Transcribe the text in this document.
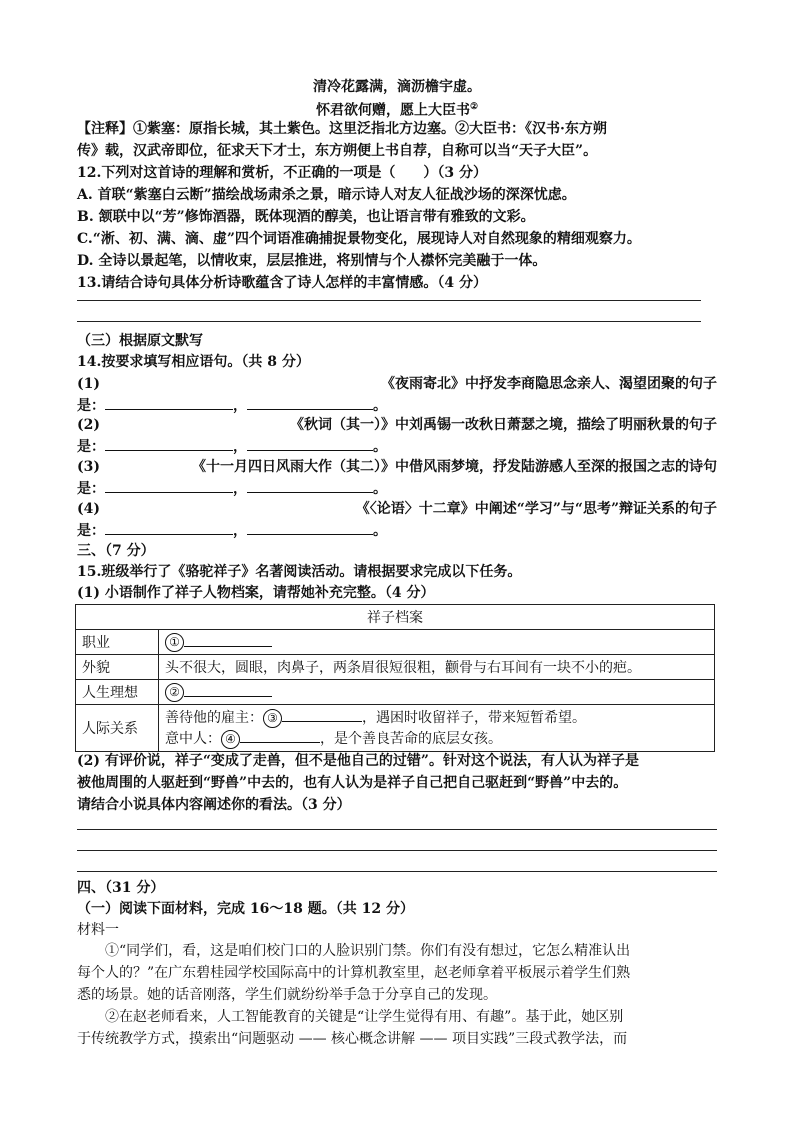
清冷花露满，滴沥檐宇虚。
怀君欲何赠，愿上大臣书②
【注释】①紫塞：原指长城，其土紫色。这里泛指北方边塞。②大臣书：《汉书·东方朔
传》载，汉武帝即位，征求天下才士，东方朔便上书自荐，自称可以当“天子大臣”。
12.下列对这首诗的理解和赏析，不正确的一项是（　　）（3 分）
A. 首联“紫塞白云断”描绘战场肃杀之景，暗示诗人对友人征战沙场的深深忧虑。
B. 颔联中以“芳”修饰酒器，既体现酒的醇美，也让语言带有雅致的文彩。
C.“淅、初、满、滴、虚”四个词语准确捕捉景物变化，展现诗人对自然现象的精细观察力。
D. 全诗以景起笔，以情收束，层层推进，将别情与个人襟怀完美融于一体。
13.请结合诗句具体分析诗歌蕴含了诗人怎样的丰富情感。（4 分）
（三）根据原文默写
14.按要求填写相应语句。（共 8 分）
(1)	《夜雨寄北》中抒发李商隐思念亲人、渴望团聚的句子
是：	，	。
(2)	《秋词（其一）》中刘禹锡一改秋日萧瑟之境，描绘了明丽秋景的句子
是：	，	。
(3)	《十一月四日风雨大作（其二）》中借风雨梦境，抒发陆游感人至深的报国之志的诗句
是：	，	。
(4)	《〈论语〉十二章》中阐述“学习”与“思考”辩证关系的句子
是：	，	。
三、（7 分）
15.班级举行了《骆驼祥子》名著阅读活动。请根据要求完成以下任务。
(1) 小语制作了祥子人物档案，请帮她补充完整。（4 分）
祥子档案	
职业	①
外貌	头不很大，圆眼，肉鼻子，两条眉很短很粗，颧骨与右耳间有一块不小的疤。
人生理想	②
人际关系	善待他的雇主： ③ ，遇困时收留祥子，带来短暂希望。
意中人： ④ ，是个善良苦命的底层女孩。
(2) 有评价说，祥子“变成了走兽，但不是他自己的过错”。针对这个说法，有人认为祥子是
被他周围的人驱赶到“野兽”中去的，也有人认为是祥子自己把自己驱赶到“野兽”中去的。
请结合小说具体内容阐述你的看法。（3 分）
四、（31 分）
（一）阅读下面材料，完成 16～18 题。（共 12 分）
材料一
①“同学们，看，这是咱们校门口的人脸识别门禁。你们有没有想过，它怎么精准认出
每个人的？”在广东碧桂园学校国际高中的计算机教室里，赵老师拿着平板展示着学生们熟
悉的场景。她的话音刚落，学生们就纷纷举手急于分享自己的发现。
②在赵老师看来，人工智能教育的关键是“让学生觉得有用、有趣”。基于此，她区别
于传统教学方式，摸索出“问题驱动 —— 核心概念讲解 —— 项目实践”三段式教学法，而
